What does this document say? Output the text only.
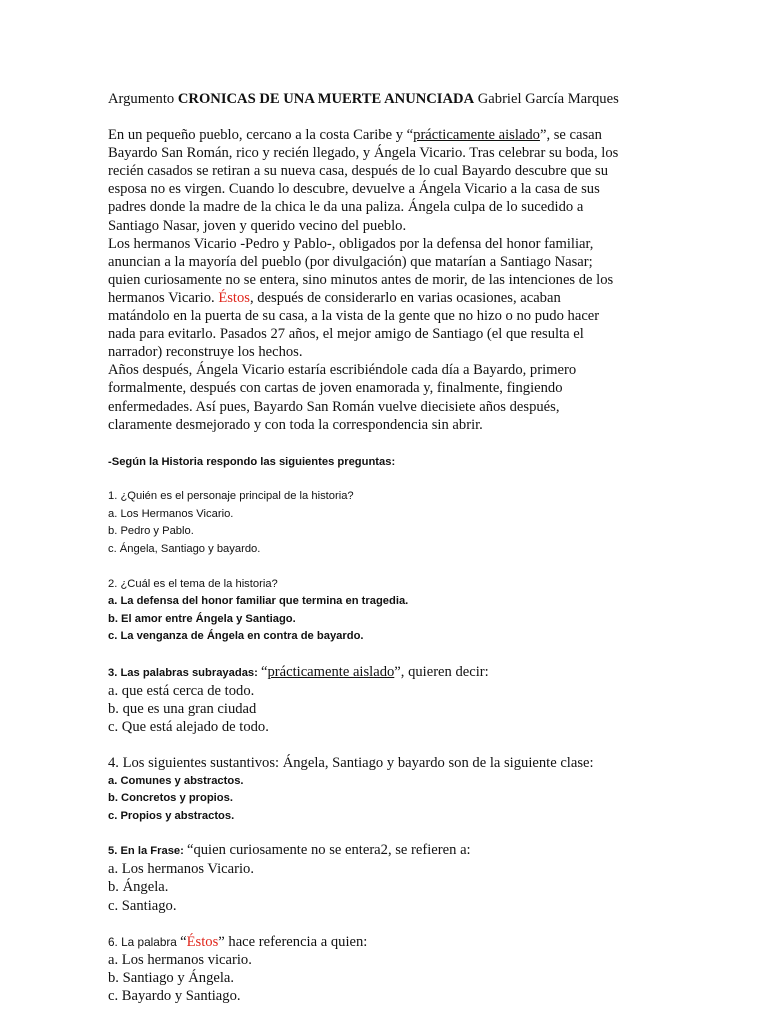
Argumento CRONICAS DE UNA MUERTE ANUNCIADA Gabriel García Marques

En un pequeño pueblo, cercano a la costa Caribe y “prácticamente aislado”, se casan
Bayardo San Román, rico y recién llegado, y Ángela Vicario. Tras celebrar su boda, los
recién casados se retiran a su nueva casa, después de lo cual Bayardo descubre que su
esposa no es virgen. Cuando lo descubre, devuelve a Ángela Vicario a la casa de sus
padres donde la madre de la chica le da una paliza. Ángela culpa de lo sucedido a
Santiago Nasar, joven y querido vecino del pueblo.
Los hermanos Vicario -Pedro y Pablo-, obligados por la defensa del honor familiar,
anuncian a la mayoría del pueblo (por divulgación) que matarían a Santiago Nasar;
quien curiosamente no se entera, sino minutos antes de morir, de las intenciones de los
hermanos Vicario. Éstos, después de considerarlo en varias ocasiones, acaban
matándolo en la puerta de su casa, a la vista de la gente que no hizo o no pudo hacer
nada para evitarlo. Pasados 27 años, el mejor amigo de Santiago (el que resulta el
narrador) reconstruye los hechos.
Años después, Ángela Vicario estaría escribiéndole cada día a Bayardo, primero
formalmente, después con cartas de joven enamorada y, finalmente, fingiendo
enfermedades. Así pues, Bayardo San Román vuelve diecisiete años después,
claramente desmejorado y con toda la correspondencia sin abrir.

-Según la Historia respondo las siguientes preguntas:

1. ¿Quién es el personaje principal de la historia?
a. Los Hermanos Vicario.
b. Pedro y Pablo.
c. Ángela, Santiago y bayardo.
2. ¿Cuál es el tema de la historia?
a. La defensa del honor familiar que termina en tragedia.
b. El amor entre Ángela y Santiago.
c. La venganza de Ángela en contra de bayardo.
3. Las palabras subrayadas: “prácticamente aislado”, quieren decir:
a. que está cerca de todo.
b. que es una gran ciudad
c. Que está alejado de todo.
4. Los siguientes sustantivos: Ángela, Santiago y bayardo son de la siguiente clase:
a. Comunes y abstractos.
b. Concretos y propios.
c. Propios y abstractos.
5. En la Frase: “quien curiosamente no se entera2, se refieren a:
a. Los hermanos Vicario.
b. Ángela.
c. Santiago.
6. La palabra “Éstos” hace referencia a quien:
a. Los hermanos vicario.
b. Santiago y Ángela.
c. Bayardo y Santiago.
